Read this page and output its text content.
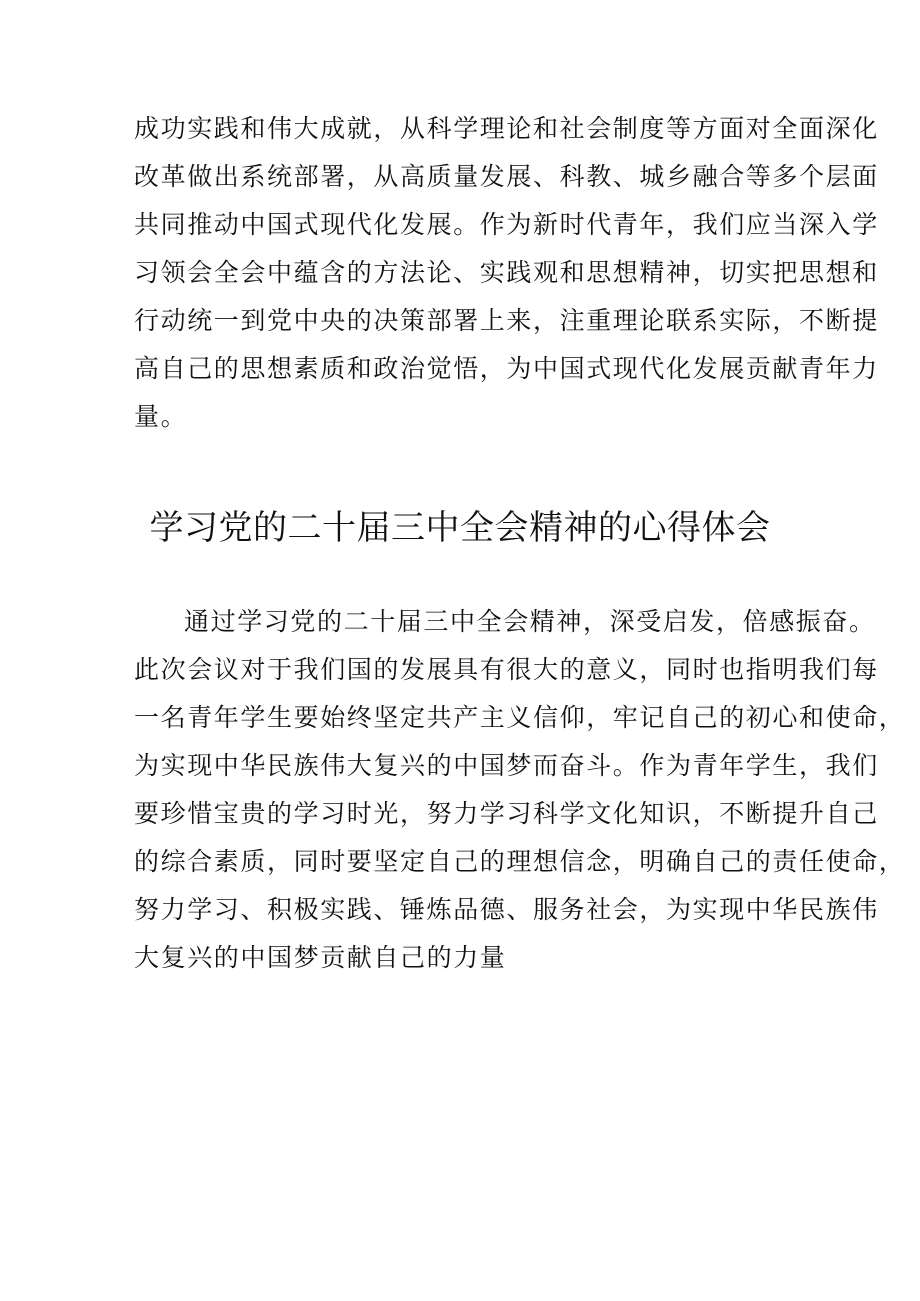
成功实践和伟大成就，从科学理论和社会制度等方面对全面深化
改革做出系统部署，从高质量发展、科教、城乡融合等多个层面
共同推动中国式现代化发展。作为新时代青年，我们应当深入学
习领会全会中蕴含的方法论、实践观和思想精神，切实把思想和
行动统一到党中央的决策部署上来，注重理论联系实际，不断提
高自己的思想素质和政治觉悟，为中国式现代化发展贡献青年力
量。
学习党的二十届三中全会精神的心得体会
通过学习党的二十届三中全会精神，深受启发，倍感振奋。
此次会议对于我们国的发展具有很大的意义，同时也指明我们每
一名青年学生要始终坚定共产主义信仰，牢记自己的初心和使命，
为实现中华民族伟大复兴的中国梦而奋斗。作为青年学生，我们
要珍惜宝贵的学习时光，努力学习科学文化知识，不断提升自己
的综合素质，同时要坚定自己的理想信念，明确自己的责任使命，
努力学习、积极实践、锤炼品德、服务社会，为实现中华民族伟
大复兴的中国梦贡献自己的力量
